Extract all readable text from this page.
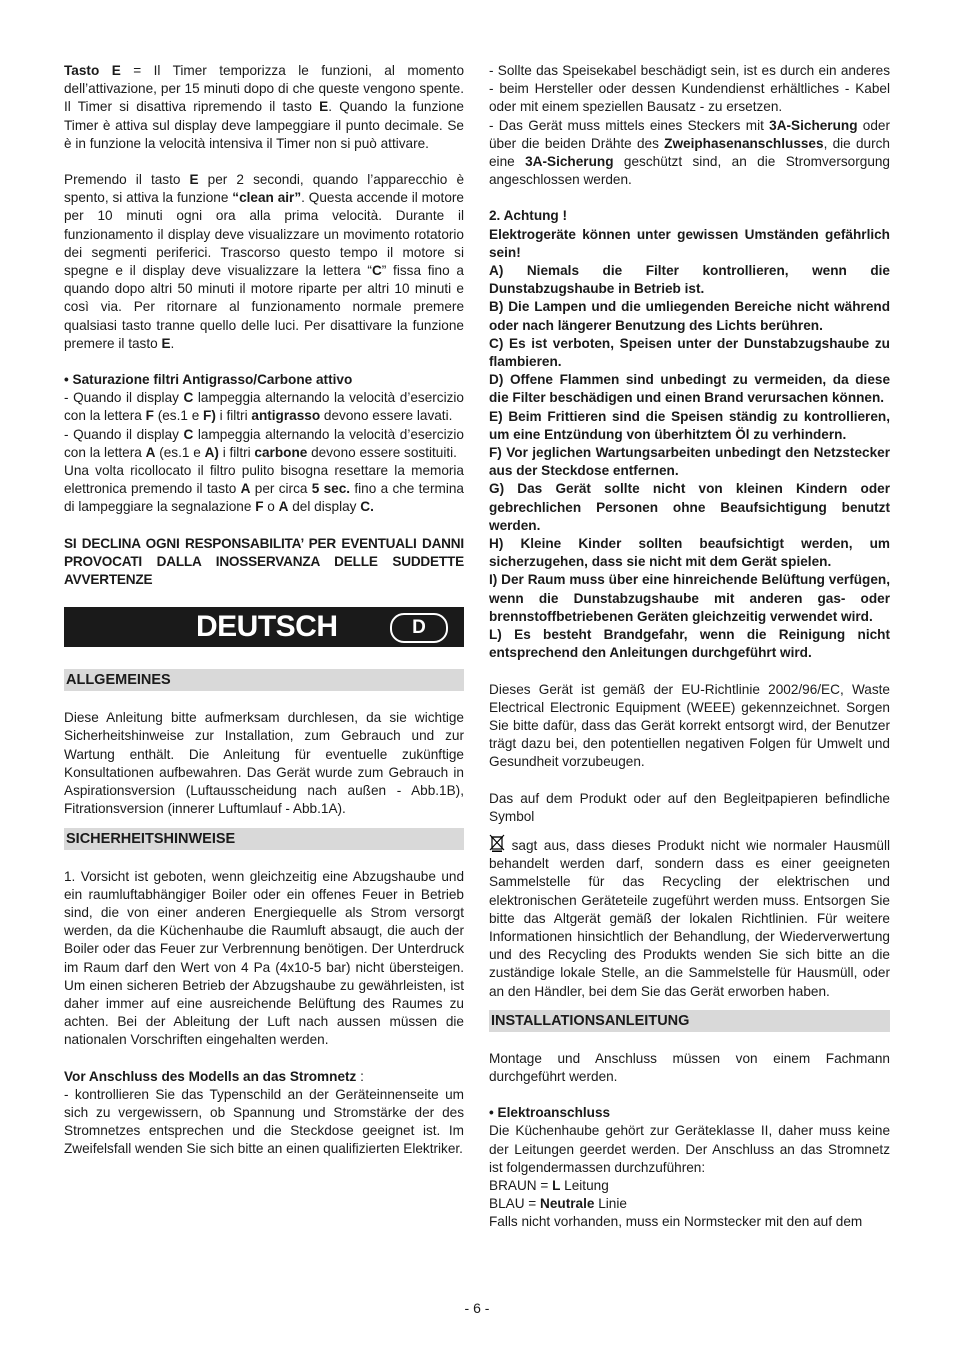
Tasto E = Il Timer temporizza le funzioni, al momento dell’attivazione, per 15 minuti dopo di che queste vengono spente. Il Timer si disattiva ripremendo il tasto E. Quando la funzione Timer è attiva sul display deve lampeggiare il punto decimale. Se è in funzione la velocità intensiva il Timer non si può attivare.

Premendo il tasto E per 2 secondi, quando l’apparecchio è spento, si attiva la funzione “clean air”. Questa accende il motore per 10 minuti ogni ora alla prima velocità. Durante il funzionamento il display deve visualizzare un movimento rotatorio dei segmenti periferici. Trascorso questo tempo il motore si spegne e il display deve visualizzare la lettera “C” fissa fino a quando dopo altri 50 minuti il motore riparte per altri 10 minuti e così via. Per ritornare al funzionamento normale premere qualsiasi tasto tranne quello delle luci. Per disattivare la funzione premere il tasto E.

• Saturazione filtri Antigrasso/Carbone attivo

- Quando il display C lampeggia alternando la velocità d’esercizio con la lettera F (es.1 e F) i filtri antigrasso devono essere lavati.

- Quando il display C lampeggia alternando la velocità d’esercizio con la lettera A (es.1 e A) i filtri carbone devono essere sostituiti.

Una volta ricollocato il filtro pulito bisogna resettare la memoria elettronica premendo il tasto A per circa 5 sec. fino a che termina di lampeggiare la segnalazione F o A del display C.

SI DECLINA OGNI RESPONSABILITA’ PER EVENTUALI DANNI PROVOCATI DALLA INOSSERVANZA DELLE SUDDETTE AVVERTENZE

DEUTSCH	D
ALLGEMEINES

Diese Anleitung bitte aufmerksam durchlesen, da sie wichtige Sicherheitshinweise zur Installation, zum Gebrauch und zur Wartung enthält. Die Anleitung für eventuelle zukünftige Konsultationen aufbewahren. Das Gerät wurde zum Gebrauch in Aspirationsversion (Luftausscheidung nach außen - Abb.1B), Fitrationsversion (innerer Luftumlauf - Abb.1A).

SICHERHEITSHINWEISE

1. Vorsicht ist geboten, wenn gleichzeitig eine Abzugshaube und ein raumluftabhängiger Boiler oder ein offenes Feuer in Betrieb sind, die von einer anderen Energiequelle als Strom versorgt werden, da die Küchenhaube die Raumluft absaugt, die auch der Boiler oder das Feuer zur Verbrennung benötigen. Der Unterdruck im Raum darf den Wert von 4 Pa (4x10-5 bar) nicht übersteigen. Um einen sicheren Betrieb der Abzugshaube zu gewährleisten, ist daher immer auf eine ausreichende Belüftung des Raumes zu achten. Bei der Ableitung der Luft nach aussen müssen die nationalen Vorschriften eingehalten werden.

Vor Anschluss des Modells an das Stromnetz :

- kontrollieren Sie das Typenschild an der Geräteinnenseite um sich zu vergewissern, ob Spannung und Stromstärke der des Stromnetzes entsprechen und die Steckdose geeignet ist. Im Zweifelsfall wenden Sie sich bitte an einen qualifizierten Elektriker.

- Sollte das Speisekabel beschädigt sein, ist es durch ein anderes - beim Hersteller oder dessen Kundendienst erhältliches - Kabel oder mit einem speziellen Bausatz - zu ersetzen.

- Das Gerät muss mittels eines Steckers mit 3A-Sicherung oder über die beiden Drähte des Zweiphasenanschlusses, die durch eine 3A-Sicherung geschützt sind, an die Stromversorgung angeschlossen werden.

2. Achtung !

Elektrogeräte können unter gewissen Umständen gefährlich sein!

A) Niemals die Filter kontrollieren, wenn die Dunstabzugshaube in Betrieb ist.

B) Die Lampen und die umliegenden Bereiche nicht während oder nach längerer Benutzung des Lichts berühren.

C) Es ist verboten, Speisen unter der Dunstabzugshaube zu flambieren.

D) Offene Flammen sind unbedingt zu vermeiden, da diese die Filter beschädigen und einen Brand verursachen können.

E) Beim Frittieren sind die Speisen ständig zu kontrollieren, um eine Entzündung von überhitztem Öl zu verhindern.

F) Vor jeglichen Wartungsarbeiten unbedingt den Netzstecker aus der Steckdose entfernen.

G) Das Gerät sollte nicht von kleinen Kindern oder gebrechlichen Personen ohne Beaufsichtigung benutzt werden.

H) Kleine Kinder sollten beaufsichtigt werden, um sicherzugehen, dass sie nicht mit dem Gerät spielen.

I) Der Raum muss über eine hinreichende Belüftung verfügen, wenn die Dunstabzugshaube mit anderen gas- oder brennstoffbetriebenen Geräten gleichzeitig verwendet wird.

L) Es besteht Brandgefahr, wenn die Reinigung nicht entsprechend den Anleitungen durchgeführt wird.

Dieses Gerät ist gemäß der EU-Richtlinie 2002/96/EC, Waste Electrical Electronic Equipment (WEEE) gekennzeichnet. Sorgen Sie bitte dafür, dass das Gerät korrekt entsorgt wird, der Benutzer trägt dazu bei, den potentiellen negativen Folgen für Umwelt und Gesundheit vorzubeugen.

Das auf dem Produkt oder auf den Begleitpapieren befindliche Symbol

sagt aus, dass dieses Produkt nicht wie normaler Hausmüll behandelt werden darf, sondern dass es einer geeigneten Sammelstelle für das Recycling der elektrischen und elektronischen Geräteteile zugeführt werden muss. Entsorgen Sie bitte das Altgerät gemäß der lokalen Richtlinien. Für weitere Informationen hinsichtlich der Behandlung, der Wiederverwertung und des Recycling des Produkts wenden Sie sich bitte an die zuständige lokale Stelle, an die Sammelstelle für Hausmüll, oder an den Händler, bei dem Sie das Gerät erworben haben.

INSTALLATIONSANLEITUNG

Montage und Anschluss müssen von einem Fachmann durchgeführt werden.

• Elektroanschluss

Die Küchenhaube gehört zur Geräteklasse II, daher muss keine der Leitungen geerdet werden. Der Anschluss an das Stromnetz ist folgendermassen durchzuführen:

BRAUN = L Leitung

BLAU = Neutrale Linie

Falls nicht vorhanden, muss ein Normstecker mit den auf dem

- 6 -
